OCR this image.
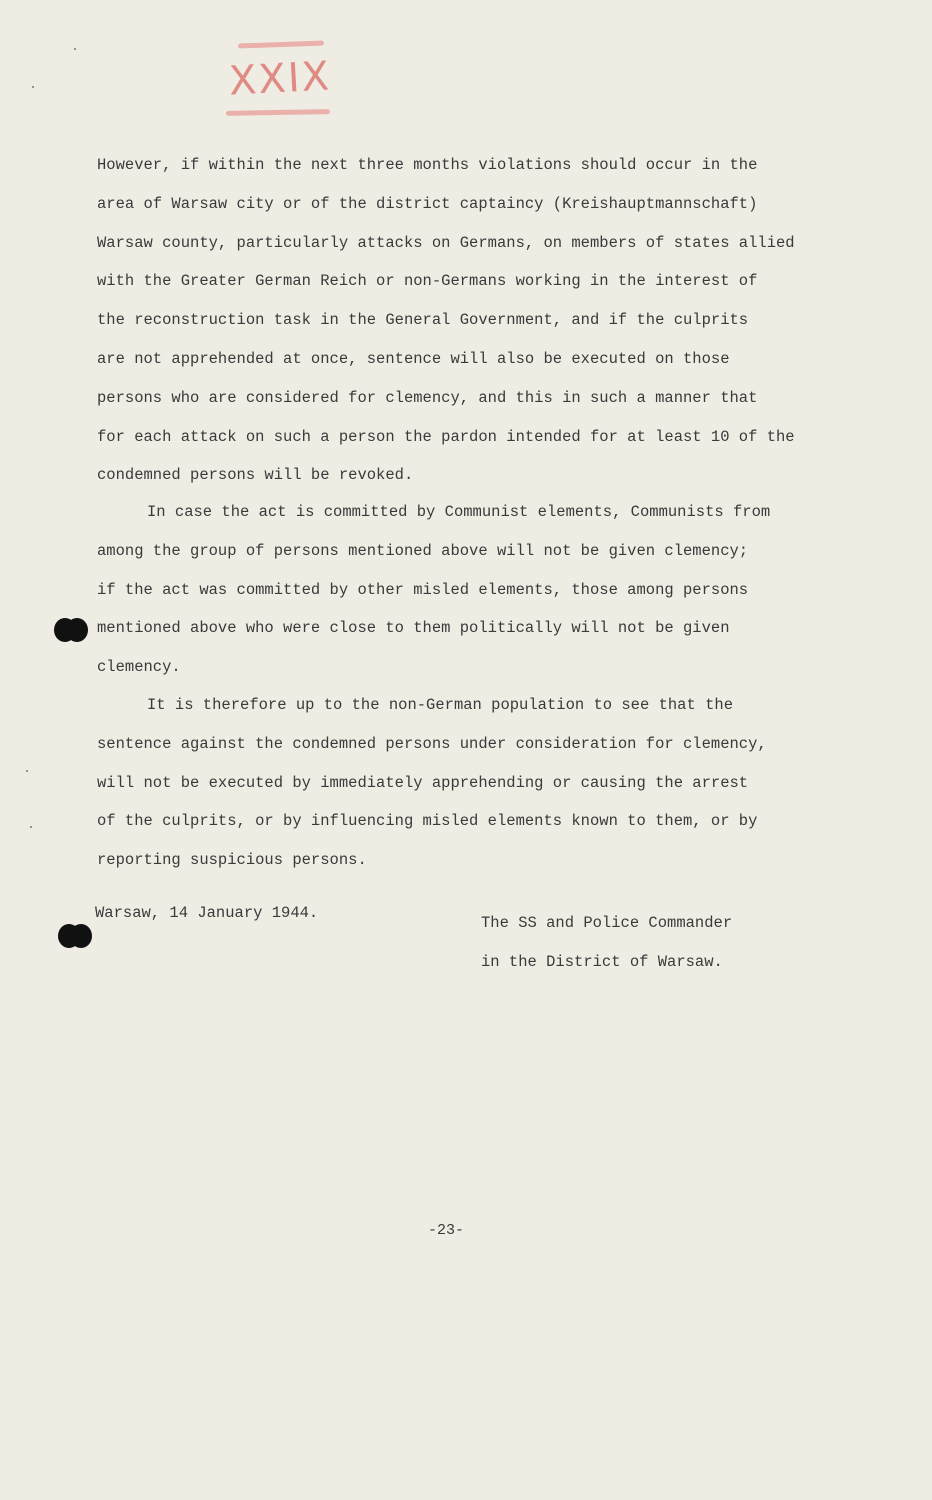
XXIX
However, if within the next three months violations should occur in the
area of Warsaw city or of the district captaincy (Kreishauptmannschaft)
Warsaw county, particularly attacks on Germans, on members of states allied
with the Greater German Reich or non-Germans working in the interest of
the reconstruction task in the General Government, and if the culprits
are not apprehended at once, sentence will also be executed on those
persons who are considered for clemency, and this in such a manner that
for each attack on such a person the pardon intended for at least 10 of the
condemned persons will be revoked.
In case the act is committed by Communist elements, Communists from
among the group of persons mentioned above will not be given clemency;
if the act was committed by other misled elements, those among persons
mentioned above who were close to them politically will not be given
clemency.
It is therefore up to the non-German population to see that the
sentence against the condemned persons under consideration for clemency,
will not be executed by immediately apprehending or causing the arrest
of the culprits, or by influencing misled elements known to them, or by
reporting suspicious persons.
Warsaw, 14 January 1944.
The SS and Police Commander
in the District of Warsaw.
-23-
